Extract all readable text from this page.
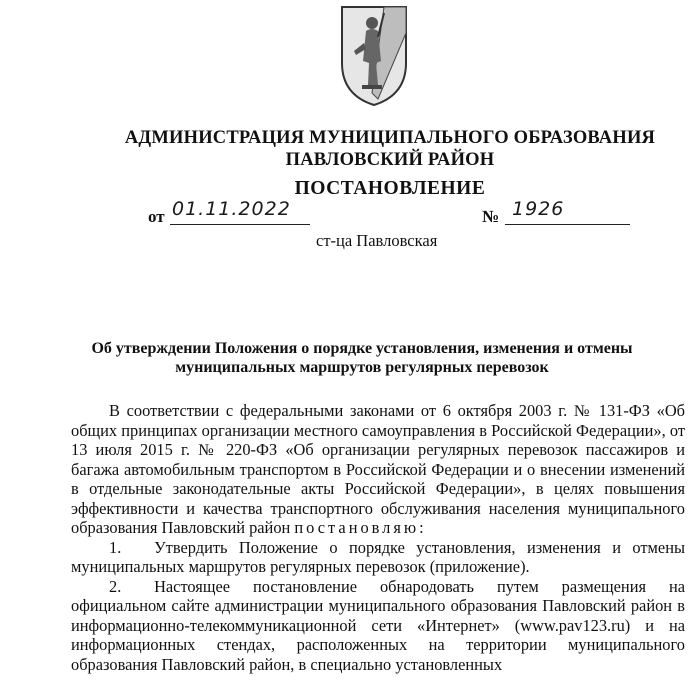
АДМИНИСТРАЦИЯ МУНИЦИПАЛЬНОГО ОБРАЗОВАНИЯ
ПАВЛОВСКИЙ РАЙОН
ПОСТАНОВЛЕНИЕ
от 01.11.2022	№ 1926
ст-ца Павловская
Об утверждении Положения о порядке установления, изменения и отмены
муниципальных маршрутов регулярных перевозок

В соответствии с федеральными законами от 6 октября 2003 г. № 131-ФЗ «Об общих принципах организации местного самоуправления в Российской Федерации», от 13 июля 2015 г. № 220-ФЗ «Об организации регулярных перевозок пассажиров и багажа автомобильным транспортом в Российской Федерации и о внесении изменений в отдельные законодательные акты Российской Федерации», в целях повышения эффективности и качества транспортного обслуживания населения муниципального образования Павловский район постановляю:

1.  Утвердить Положение о порядке установления, изменения и отмены муниципальных маршрутов регулярных перевозок (приложение).

2.  Настоящее постановление обнародовать путем размещения на официальном сайте администрации муниципального образования Павловский район в информационно-телекоммуникационной сети «Интернет» (www.pav123.ru) и на информационных стендах, расположенных на территории муниципального образования Павловский район, в специально установленных
